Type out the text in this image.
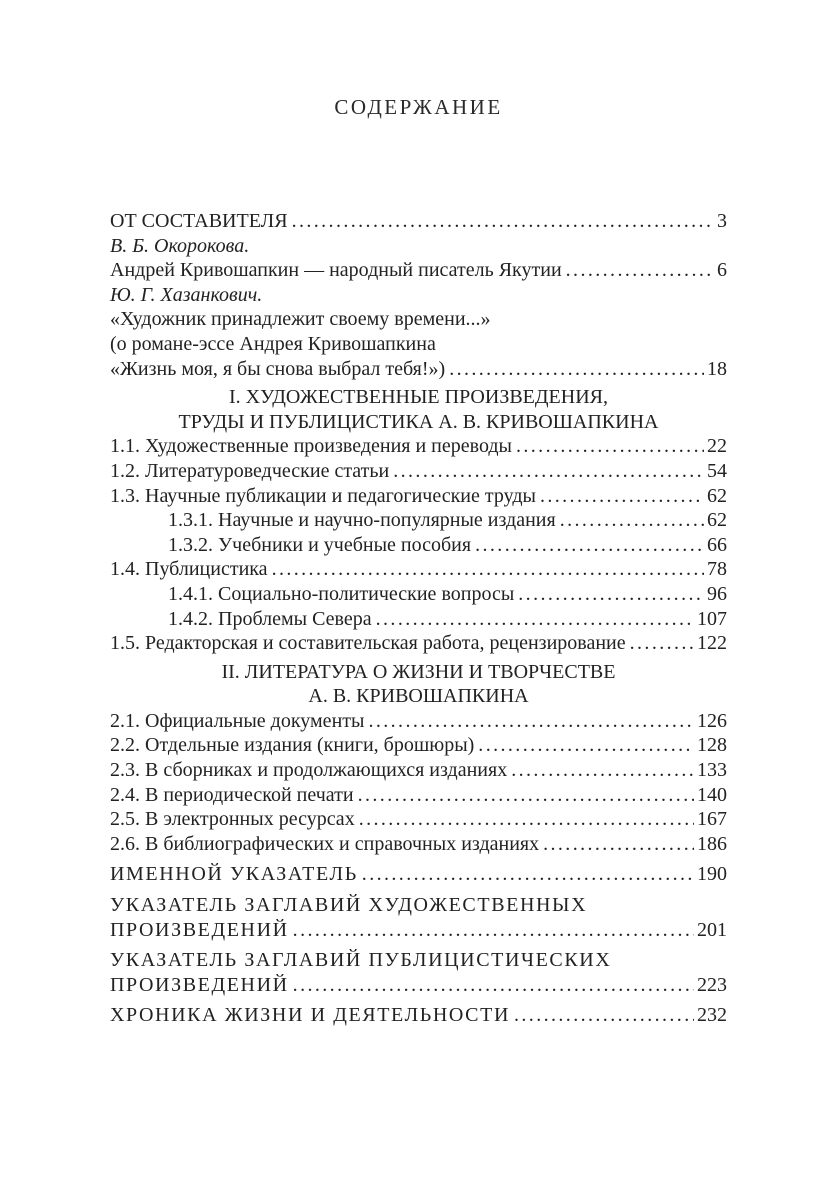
СОДЕРЖАНИЕ
ОТ СОСТАВИТЕЛЯ .....	3
В. Б. Окорокова.
Андрей Кривошапкин — народный писатель Якутии .....	6
Ю. Г. Хазанкович.
«Художник принадлежит своему времени...»
(о романе-эссе Андрея Кривошапкина
«Жизнь моя, я бы снова выбрал тебя!») .....	18
I. ХУДОЖЕСТВЕННЫЕ ПРОИЗВЕДЕНИЯ,
ТРУДЫ И ПУБЛИЦИСТИКА А. В. КРИВОШАПКИНА
1.1. Художественные произведения и переводы .....	22
1.2. Литературоведческие статьи .....	54
1.3. Научные публикации и педагогические труды .....	62
1.3.1. Научные и научно-популярные издания .....	62
1.3.2. Учебники и учебные пособия .....	66
1.4. Публицистика .....	78
1.4.1. Социально-политические вопросы .....	96
1.4.2. Проблемы Севера .....	107
1.5. Редакторская и составительская работа, рецензирование .....	122
II. ЛИТЕРАТУРА О ЖИЗНИ И ТВОРЧЕСТВЕ
А. В. КРИВОШАПКИНА
2.1. Официальные документы .....	126
2.2. Отдельные издания (книги, брошюры) .....	128
2.3. В сборниках и продолжающихся изданиях .....	133
2.4. В периодической печати .....	140
2.5. В электронных ресурсах .....	167
2.6. В библиографических и справочных изданиях .....	186
ИМЕННОЙ УКАЗАТЕЛЬ .....	190
УКАЗАТЕЛЬ ЗАГЛАВИЙ ХУДОЖЕСТВЕННЫХ
ПРОИЗВЕДЕНИЙ .....	201
УКАЗАТЕЛЬ ЗАГЛАВИЙ ПУБЛИЦИСТИЧЕСКИХ
ПРОИЗВЕДЕНИЙ .....	223
ХРОНИКА ЖИЗНИ И ДЕЯТЕЛЬНОСТИ .....	232
